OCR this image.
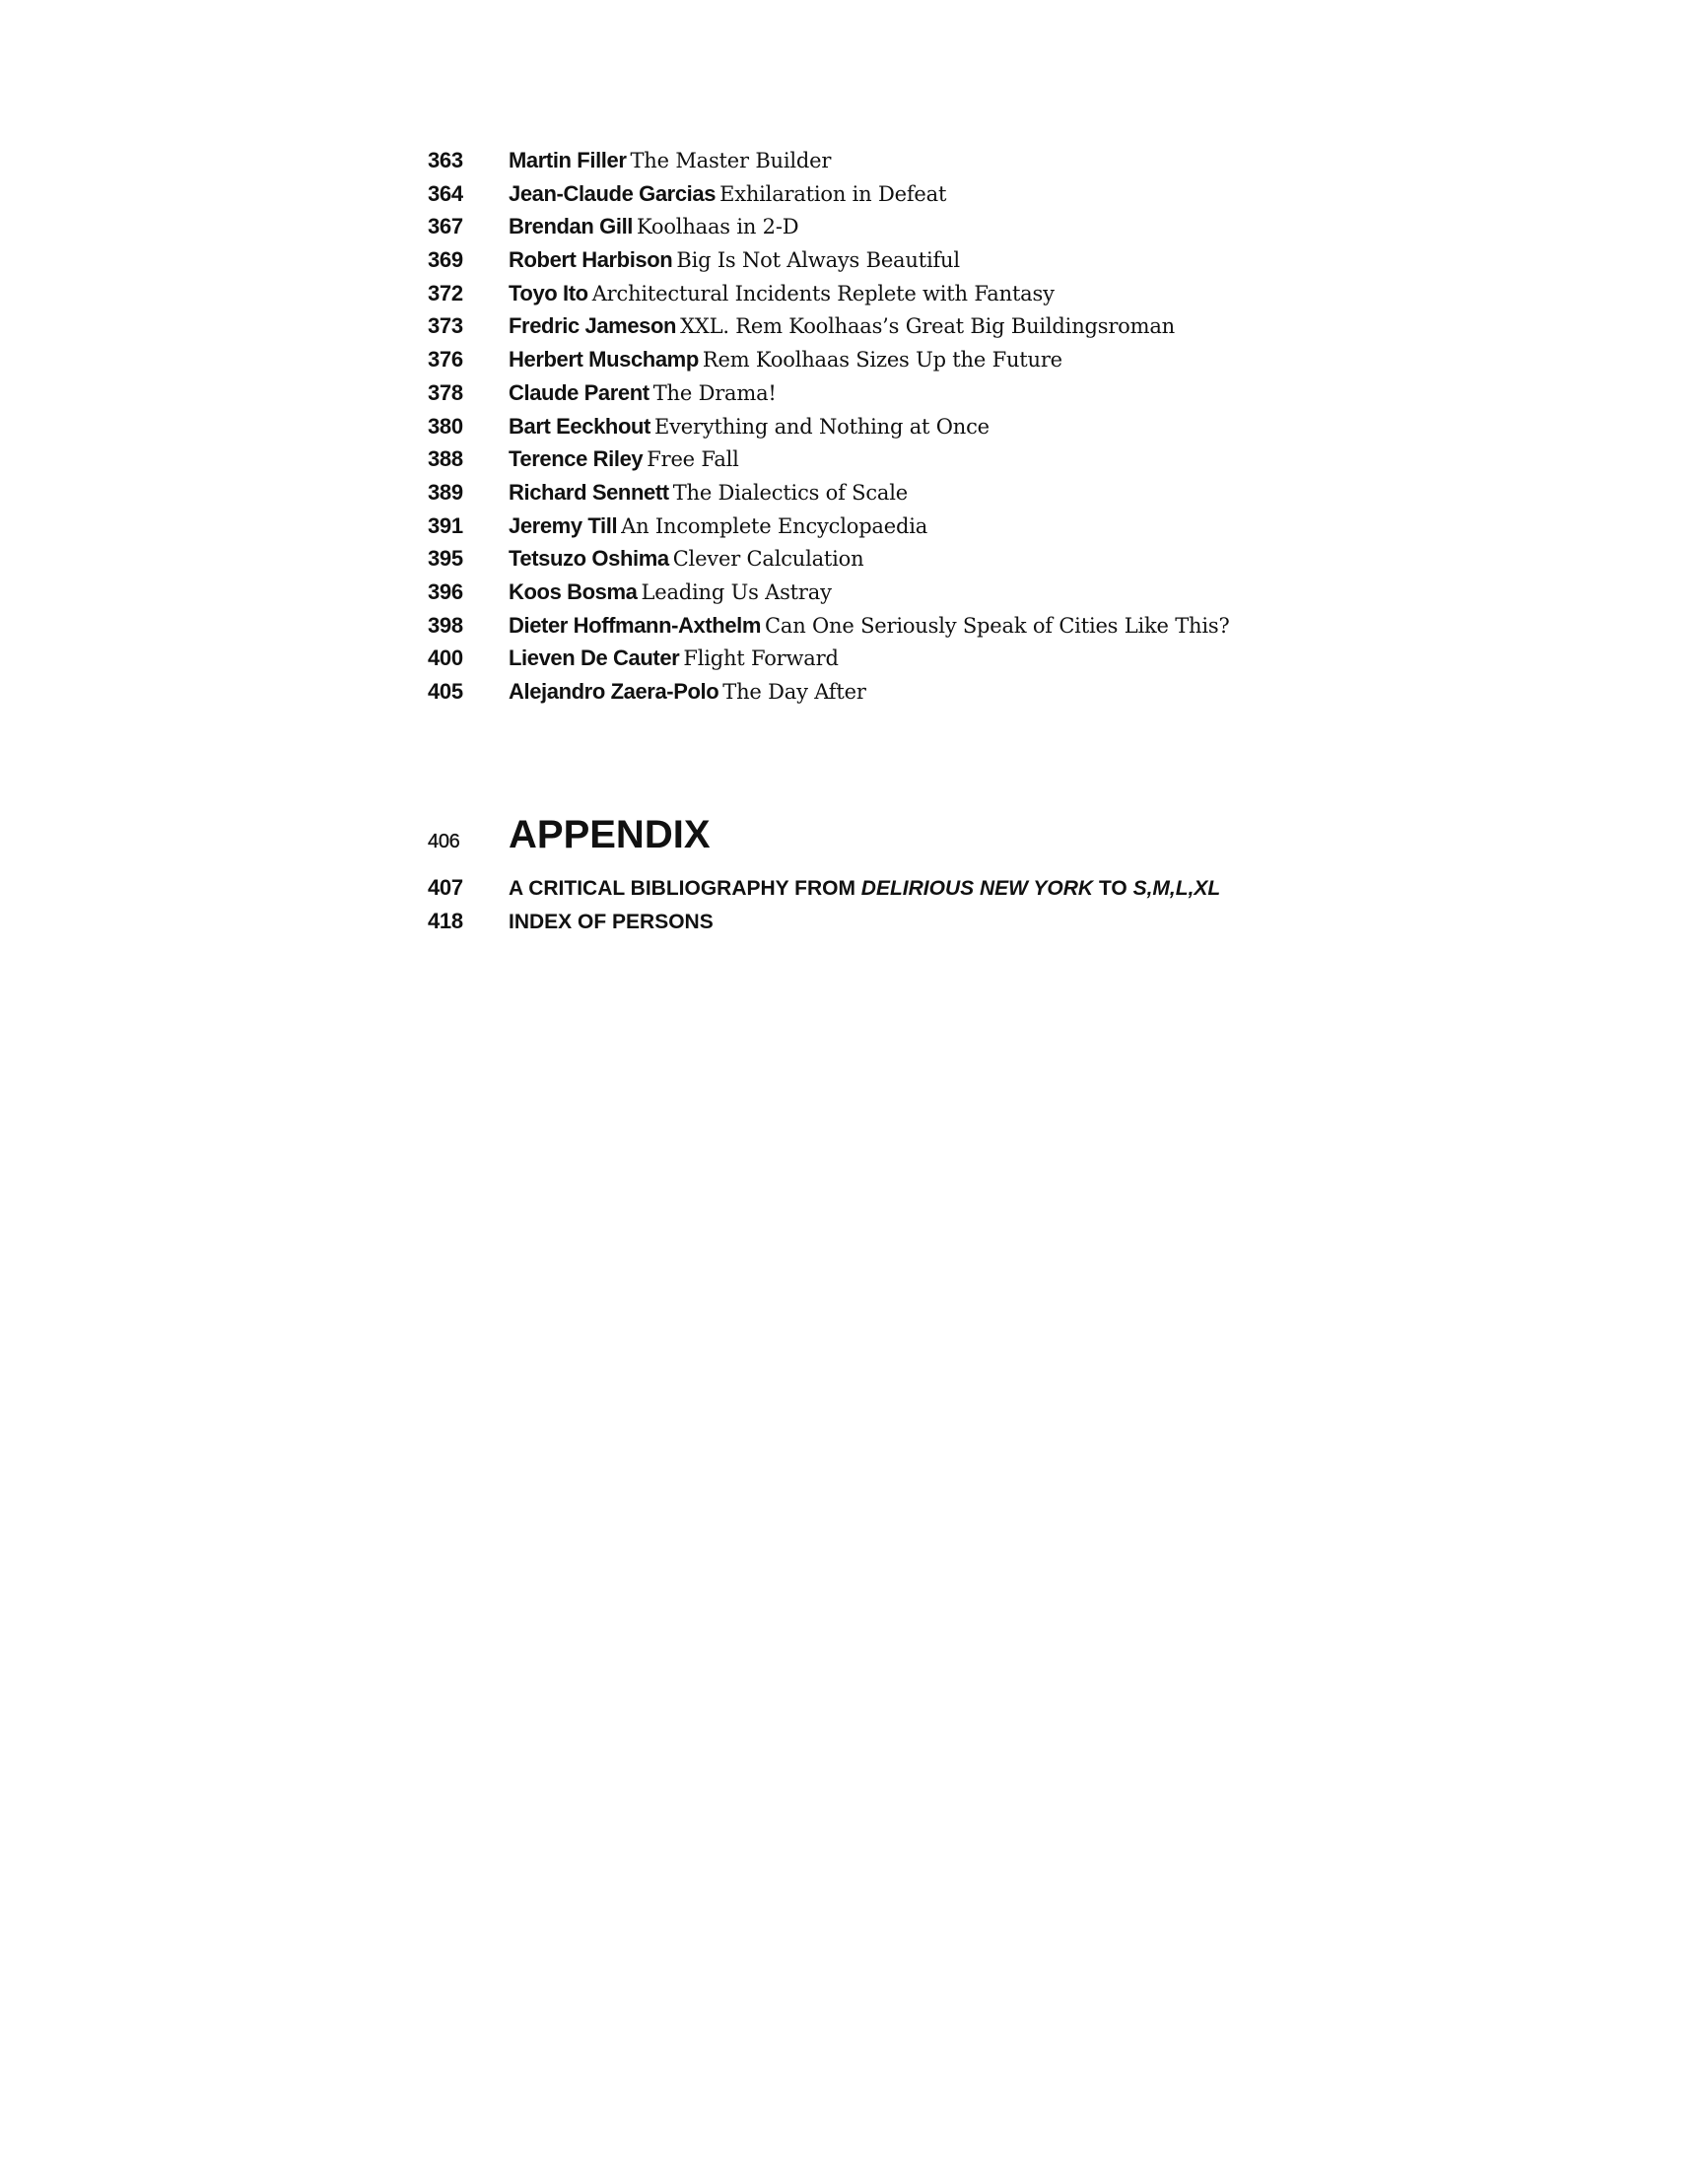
363 Martin Filler The Master Builder
364 Jean-Claude Garcias Exhilaration in Defeat
367 Brendan Gill Koolhaas in 2-D
369 Robert Harbison Big Is Not Always Beautiful
372 Toyo Ito Architectural Incidents Replete with Fantasy
373 Fredric Jameson XXL. Rem Koolhaas’s Great Big Buildingsroman
376 Herbert Muschamp Rem Koolhaas Sizes Up the Future
378 Claude Parent The Drama!
380 Bart Eeckhout Everything and Nothing at Once
388 Terence Riley Free Fall
389 Richard Sennett The Dialectics of Scale
391 Jeremy Till An Incomplete Encyclopaedia
395 Tetsuzo Oshima Clever Calculation
396 Koos Bosma Leading Us Astray
398 Dieter Hoffmann-Axthelm Can One Seriously Speak of Cities Like This?
400 Lieven De Cauter Flight Forward
405 Alejandro Zaera-Polo The Day After
406 APPENDIX
407 A CRITICAL BIBLIOGRAPHY FROM DELIRIOUS NEW YORK TO S,M,L,XL
418 INDEX OF PERSONS
